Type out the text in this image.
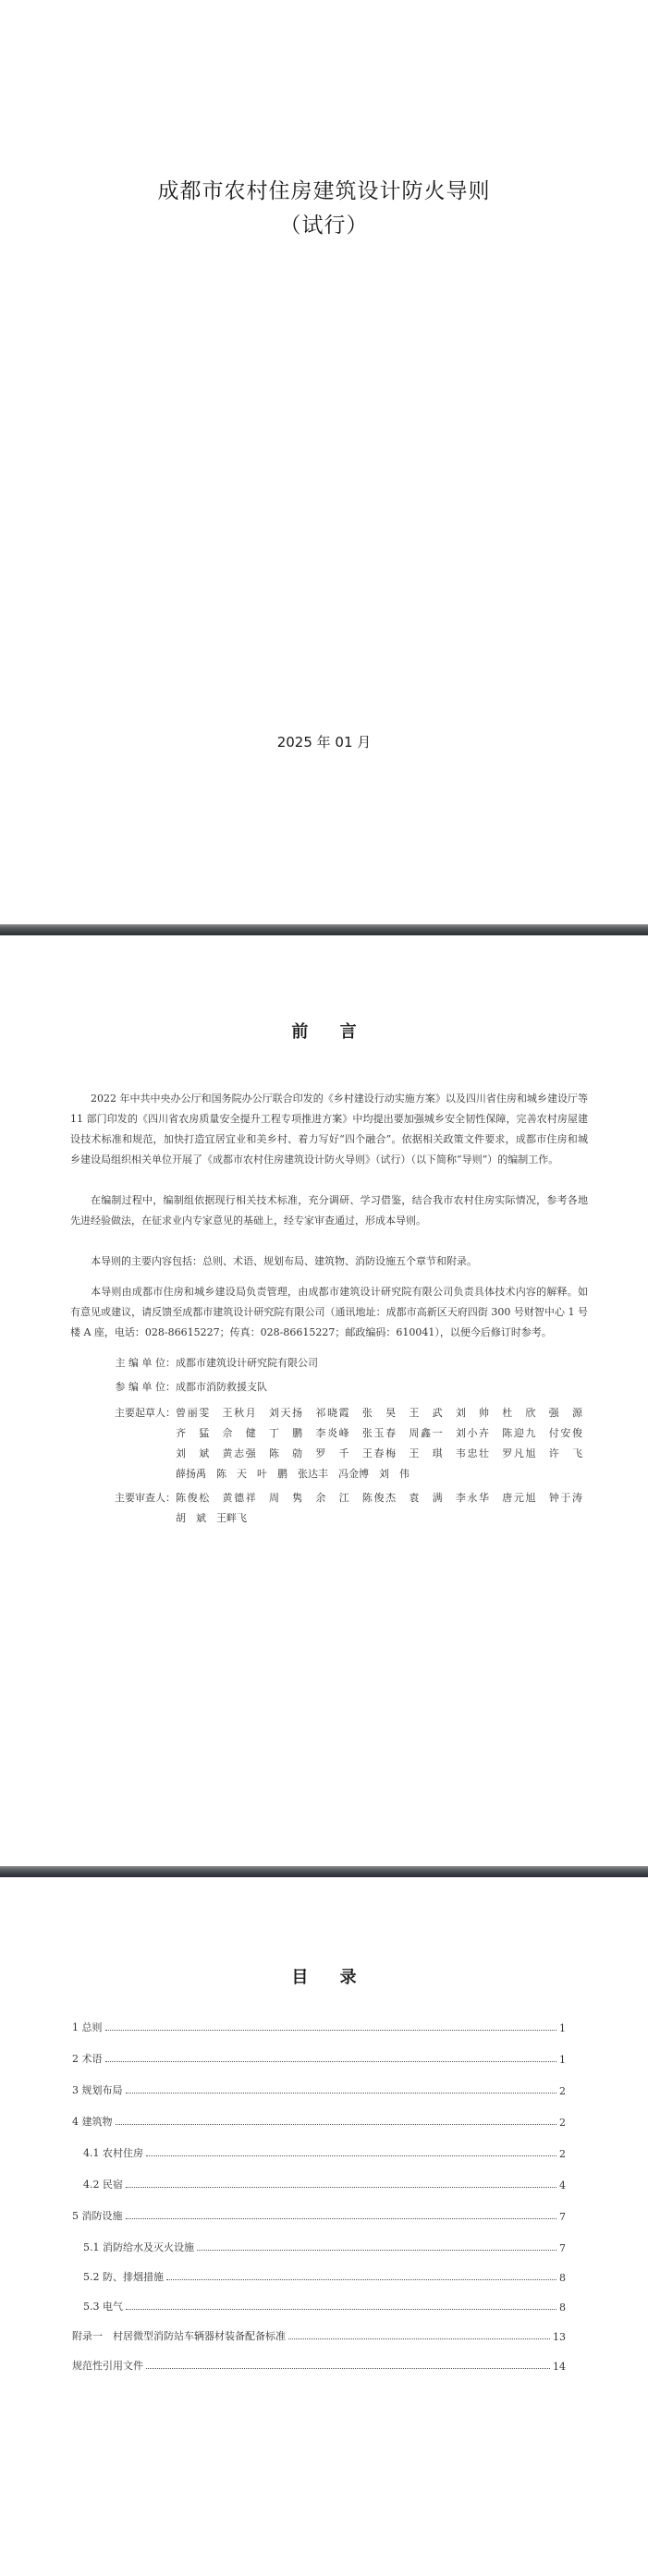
成都市农村住房建筑设计防火导则
（试行）
2025 年 01 月
前 言

2022 年中共中央办公厅和国务院办公厅联合印发的《乡村建设行动实施方案》以及四川省住房和城乡建设厅等 11 部门印发的《四川省农房质量安全提升工程专项推进方案》中均提出要加强城乡安全韧性保障，完善农村房屋建设技术标准和规范，加快打造宜居宜业和美乡村、着力写好“四个融合”。依据相关政策文件要求，成都市住房和城乡建设局组织相关单位开展了《成都市农村住房建筑设计防火导则》（试行）（以下简称“导则”）的编制工作。

在编制过程中，编制组依据现行相关技术标准，充分调研、学习借鉴，结合我市农村住房实际情况，参考各地先进经验做法，在征求业内专家意见的基础上，经专家审查通过，形成本导则。

本导则的主要内容包括：总则、术语、规划布局、建筑物、消防设施五个章节和附录。

本导则由成都市住房和城乡建设局负责管理，由成都市建筑设计研究院有限公司负责具体技术内容的解释。如有意见或建议，请反馈至成都市建筑设计研究院有限公司（通讯地址：成都市高新区天府四街 300 号财智中心 1 号楼 A 座，电话：028-86615227；传真：028-86615227；邮政编码：610041），以便今后修订时参考。

主 编 单 位：成都市建筑设计研究院有限公司
参 编 单 位：成都市消防救援支队
主要起草人： 曾丽雯　王秋月　刘天扬　祁晓霞　张　昊　王　武　刘　帅　杜　欣　强　源

齐　猛　佘　健　丁　鹏　李炎峰　张玉春　周鑫一　刘小卉　陈迎九　付安俊

刘　斌　黄志强　陈　勍　罗　千　王春梅　王　琪　韦忠壮　罗凡旭　许　飞

薛扬禹　陈　天　叶　鹏　张达丰　冯金博　刘　伟

主要审查人： 陈俊松　黄德祥　周　隽　余　江　陈俊杰　袁　满　李永华　唐元旭　钟于涛

胡　斌　王畔飞

目 录
1 总则	1
2 术语	1
3 规划布局	2
4 建筑物	2
4.1 农村住房	2
4.2 民宿	4
5 消防设施	7
5.1 消防给水及灭火设施	7
5.2 防、排烟措施	8
5.3 电气	8
附录一　村居微型消防站车辆器材装备配备标准	13
规范性引用文件	14
